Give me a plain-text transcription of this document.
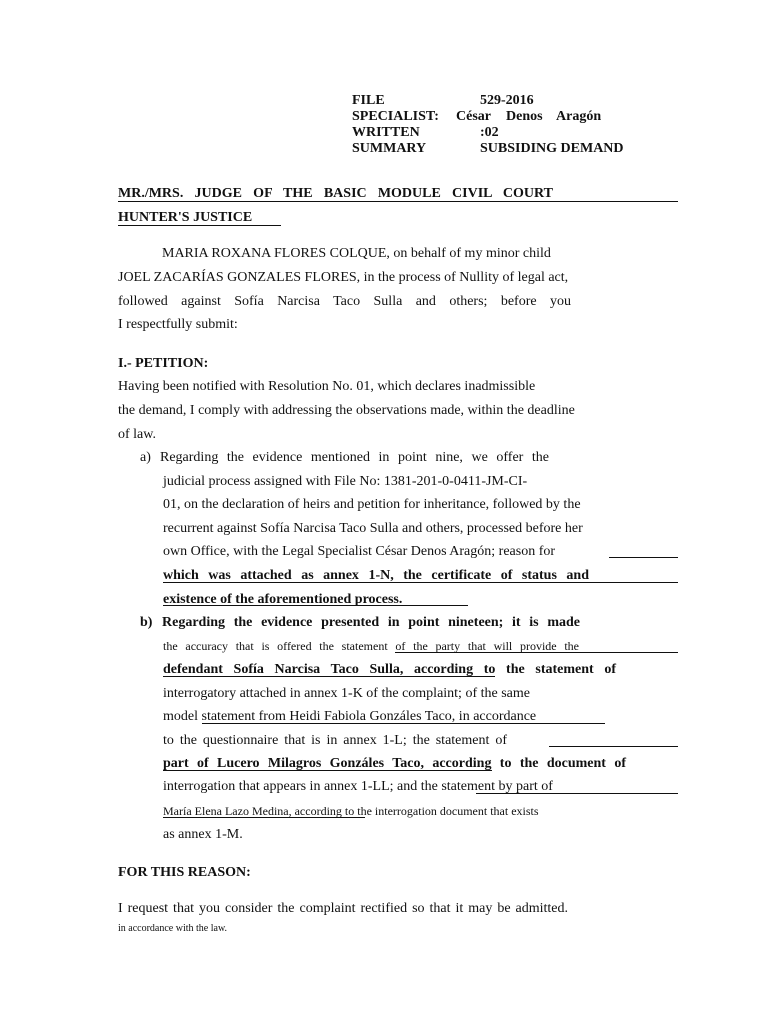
FILE	529-2016		
SPECIALIST:	César	Denos	Aragón
WRITTEN	:02		
SUMMARY	SUBSIDING DEMAND		
MR./MRS. JUDGE OF THE BASIC MODULE CIVIL COURT
HUNTER'S JUSTICE
MARIA ROXANA FLORES COLQUE, on behalf of my minor child
JOEL ZACARÍAS GONZALES FLORES, in the process of Nullity of legal act,
followed against Sofía Narcisa Taco Sulla and others; before you
I respectfully submit:
I.- PETITION:
Having been notified with Resolution No. 01, which declares inadmissible
the demand, I comply with addressing the observations made, within the deadline
of law.
a) Regarding the evidence mentioned in point nine, we offer the
judicial process assigned with File No: 1381-201-0-0411-JM-CI-
01, on the declaration of heirs and petition for inheritance, followed by the
recurrent against Sofía Narcisa Taco Sulla and others, processed before her
own Office, with the Legal Specialist César Denos Aragón; reason for
which was attached as annex 1-N, the certificate of status and
existence of the aforementioned process.
b) Regarding the evidence presented in point nineteen; it is made
the accuracy that is offered the statement of the party that will provide the
defendant Sofía Narcisa Taco Sulla, according to the statement of
interrogatory attached in annex 1-K of the complaint; of the same
model statement from Heidi Fabiola Gonzáles Taco, in accordance
to the questionnaire that is in annex 1-L; the statement of
part of Lucero Milagros Gonzáles Taco, according to the document of
interrogation that appears in annex 1-LL; and the statement by part of
María Elena Lazo Medina, according to the interrogation document that exists
as annex 1-M.
FOR THIS REASON:
I request that you consider the complaint rectified so that it may be admitted.
in accordance with the law.
